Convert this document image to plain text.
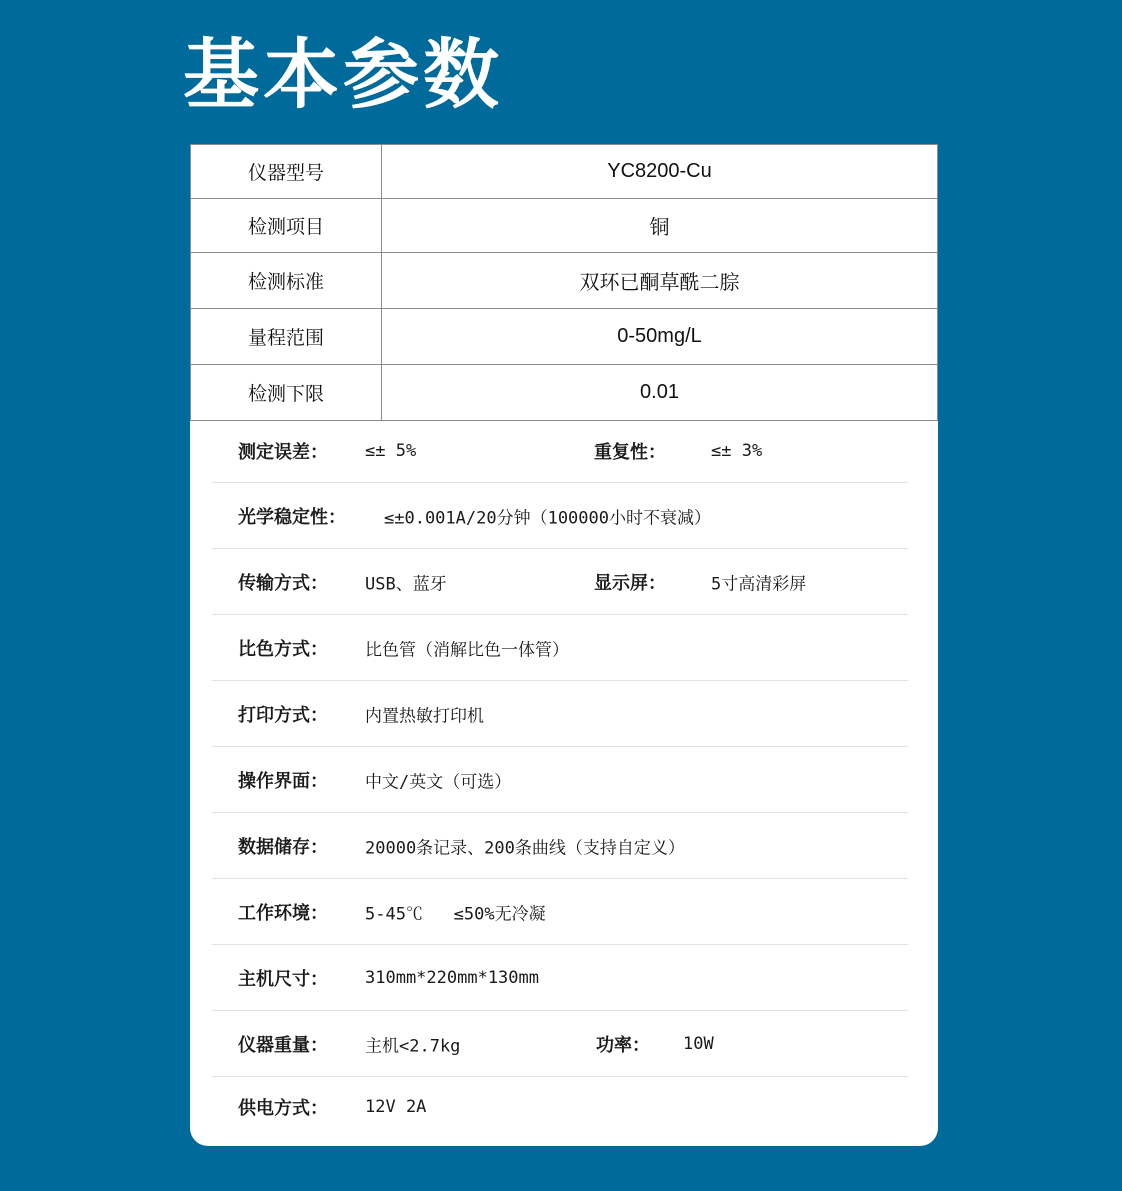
基本参数
仪器型号	YC8200-Cu
检测项目	铜
检测标准	双环已酮草酰二腙
量程范围	0-50mg/L
检测下限	0.01
测定误差： ≤± 5%	重复性：	≤± 3%
光学稳定性： ≤±0.001A/20分钟（100000小时不衰减）
传输方式： USB、蓝牙	显示屏：	5寸高清彩屏
比色方式： 比色管（消解比色一体管）
打印方式： 内置热敏打印机
操作界面： 中文/英文（可选）
数据储存： 20000条记录、200条曲线（支持自定义）
工作环境： 5-45℃   ≤50%无冷凝
主机尺寸： 310mm*220mm*130mm
仪器重量： 主机<2.7kg	功率： 10W
供电方式： 12V 2A
